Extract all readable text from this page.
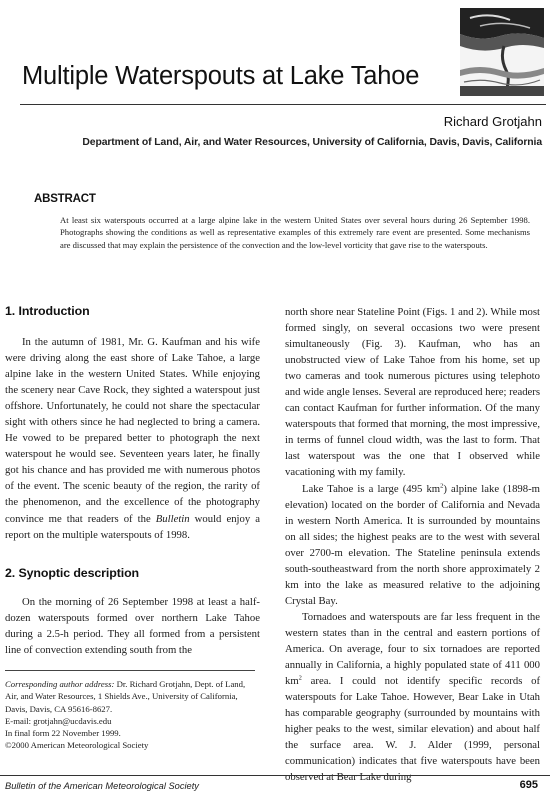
Multiple Waterspouts at Lake Tahoe
Richard Grotjahn
Department of Land, Air, and Water Resources, University of California, Davis, Davis, California
ABSTRACT

At least six waterspouts occurred at a large alpine lake in the western United States over several hours during 26 September 1998. Photographs showing the conditions as well as representative examples of this extremely rare event are presented. Some mechanisms are discussed that may explain the persistence of the convection and the low-level vorticity that gave rise to the waterspouts.

1. Introduction

In the autumn of 1981, Mr. G. Kaufman and his wife were driving along the east shore of Lake Tahoe, a large alpine lake in the western United States. While enjoying the scenery near Cave Rock, they sighted a waterspout just offshore. Unfortunately, he could not share the spectacular sight with others since he had neglected to bring a camera. He vowed to be prepared better to photograph the next waterspout he would see. Seventeen years later, he finally got his chance and has provided me with numerous photos of the event. The scenic beauty of the region, the rarity of the phenomenon, and the excellence of the photography convince me that readers of the Bulletin would enjoy a report on the multiple waterspouts of 1998.

2. Synoptic description

On the morning of 26 September 1998 at least a half-dozen waterspouts formed over northern Lake Tahoe during a 2.5-h period. They all formed from a persistent line of convection extending south from the

north shore near Stateline Point (Figs. 1 and 2). While most formed singly, on several occasions two were present simultaneously (Fig. 3). Kaufman, who has an unobstructed view of Lake Tahoe from his home, set up two cameras and took numerous pictures using telephoto and wide angle lenses. Several are reproduced here; readers can contact Kaufman for further information. Of the many waterspouts that formed that morning, the most impressive, in terms of funnel cloud width, was the last to form. That last waterspout was the one that I observed while vacationing with my family.

Lake Tahoe is a large (495 $km^2$) alpine lake (1898-m elevation) located on the border of California and Nevada in western North America. It is surrounded by mountains on all sides; the highest peaks are to the west with several over 2700-m elevation. The Stateline peninsula extends south-southeastward from the north shore approximately 2 km into the lake as measured relative to the adjoining Crystal Bay.

Tornadoes and waterspouts are far less frequent in the western states than in the central and eastern portions of America. On average, four to six tornadoes are reported annually in California, a highly populated state of 411 000 $km^2$ area. I could not identify specific records of waterspouts for Lake Tahoe. However, Bear Lake in Utah has comparable geography (surrounded by mountains with higher peaks to the west, similar elevation) and about half the surface area. W. J. Alder (1999, personal communication) indicates that five waterspouts have been observed at Bear Lake during

Corresponding author address: Dr. Richard Grotjahn, Dept. of Land, Air, and Water Resources, 1 Shields Ave., University of California, Davis, Davis, CA 95616-8627.
E-mail: grotjahn@ucdavis.edu
In final form 22 November 1999.
©2000 American Meteorological Society
Bulletin of the American Meteorological Society	695
